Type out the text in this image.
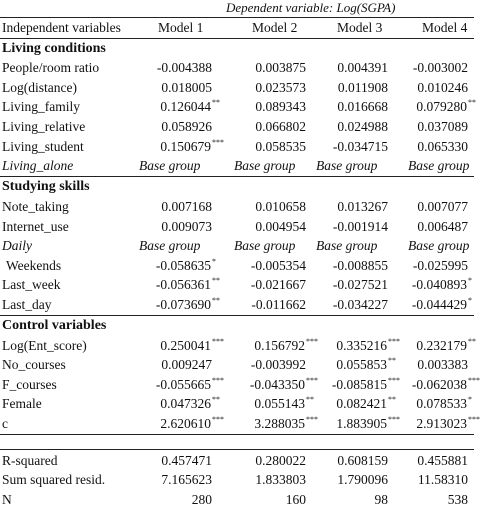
Dependent variable: Log(SGPA)
Independent variables	Model 1	Model 2	Model 3	Model 4
Living conditions
People/room ratio	-0.004388	0.003875 0.004391 -0.003002
Log(distance)	0.018005	0.023573 0.011908 0.010246
Living_family	0.126044**	0.089343 0.016668 0.079280**
Living_relative	0.058926	0.066802 0.024988 0.037089
Living_student	0.150679*** 0.058535 -0.034715 0.065330
Living_alone	Base group Base group Base group Base group
Studying skills
Note_taking	0.007168	0.010658 0.013267 0.007077
Internet_use	0.009073	0.004954 -0.001914 0.006487
Daily	Base group Base group Base group Base group
Weekends	-0.058635*	-0.005354 -0.008855 -0.025995
Last_week	-0.056361** -0.021667 -0.027521 -0.040893*
Last_day	-0.073690** -0.011662 -0.034227 -0.044429*
Control variables
Log(Ent_score)	0.250041*** 0.156792*** 0.335216*** 0.232179**
No_courses	0.009247	-0.003992 0.055853** 0.003383
F_courses	-0.055665*** -0.043350*** -0.085815*** -0.062038***
Female	0.047326**	0.055143** 0.082421** 0.078533*
c	2.620610*** 3.288035*** 1.883905*** 2.913023***
R-squared	0.457471	0.280022 0.608159 0.455881
Sum squared resid.	7.165623	1.833803 1.790096 11.58310
N	280	160	98	538
